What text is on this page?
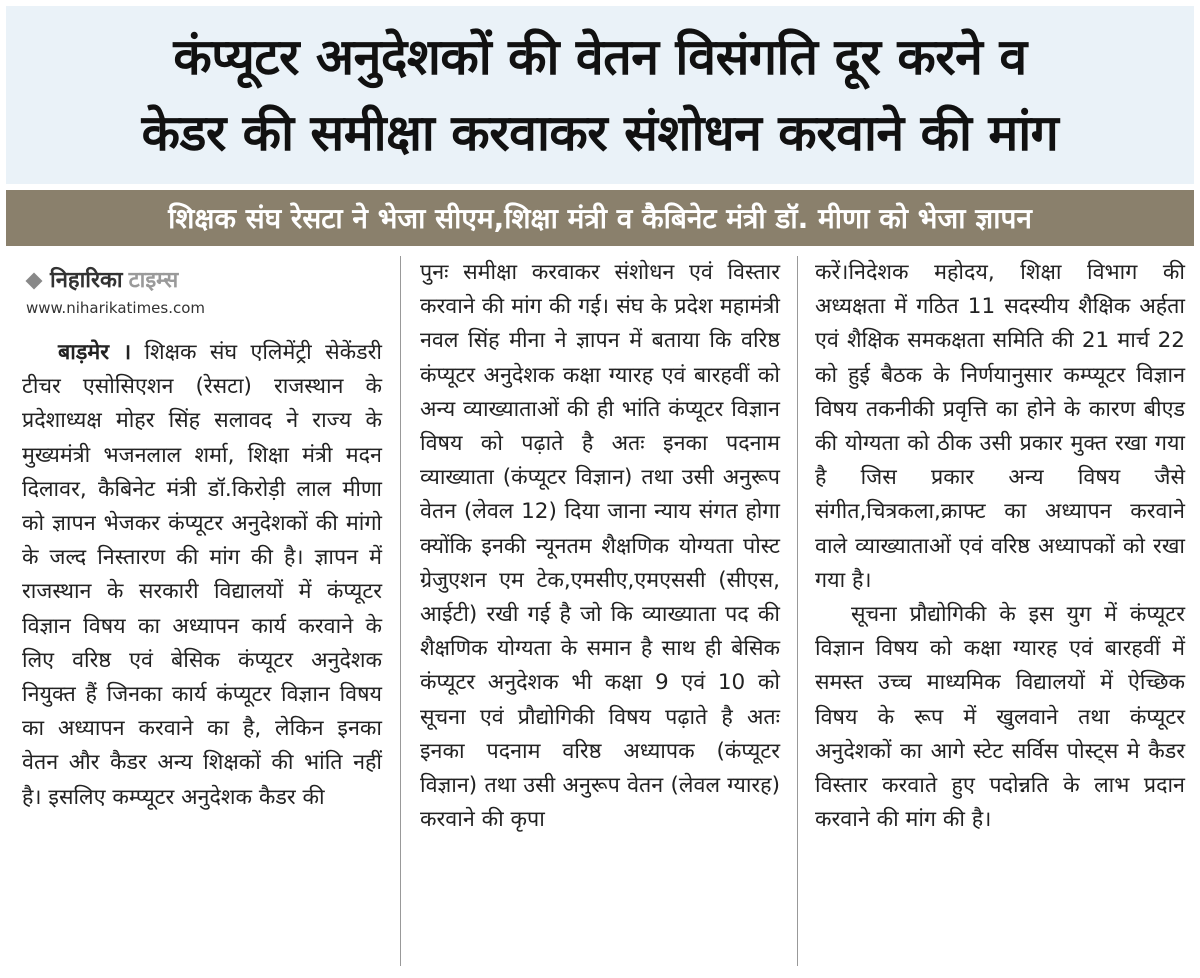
कंप्यूटर अनुदेशकों की वेतन विसंगति दूर करने व
केडर की समीक्षा करवाकर संशोधन करवाने की मांग
शिक्षक संघ रेसटा ने भेजा सीएम,शिक्षा मंत्री व कैबिनेट मंत्री डॉ. मीणा को भेजा ज्ञापन
निहारिका टाइम्स
www.niharikatimes.com

बाड़मेर । शिक्षक संघ एलिमेंट्री सेकेंडरी टीचर एसोसिएशन (रेसटा) राजस्थान के प्रदेशाध्यक्ष मोहर सिंह सलावद ने राज्य के मुख्यमंत्री भजनलाल शर्मा, शिक्षा मंत्री मदन दिलावर, कैबिनेट मंत्री डॉ.किरोड़ी लाल मीणा को ज्ञापन भेजकर कंप्यूटर अनुदेशकों की मांगो के जल्द निस्तारण की मांग की है। ज्ञापन में राजस्थान के सरकारी विद्यालयों में कंप्यूटर विज्ञान विषय का अध्यापन कार्य करवाने के लिए वरिष्ठ एवं बेसिक कंप्यूटर अनुदेशक नियुक्त हैं जिनका कार्य कंप्यूटर विज्ञान विषय का अध्यापन करवाने का है, लेकिन इनका वेतन और कैडर अन्य शिक्षकों की भांति नहीं है। इसलिए कम्प्यूटर अनुदेशक कैडर की

पुनः समीक्षा करवाकर संशोधन एवं विस्तार करवाने की मांग की गई। संघ के प्रदेश महामंत्री नवल सिंह मीना ने ज्ञापन में बताया कि वरिष्ठ कंप्यूटर अनुदेशक कक्षा ग्यारह एवं बारहवीं को अन्य व्याख्याताओं की ही भांति कंप्यूटर विज्ञान विषय को पढ़ाते है अतः इनका पदनाम व्याख्याता (कंप्यूटर विज्ञान) तथा उसी अनुरूप वेतन (लेवल 12) दिया जाना न्याय संगत होगा क्योंकि इनकी न्यूनतम शैक्षणिक योग्यता पोस्ट ग्रेजुएशन एम टेक,एमसीए,एमएससी (सीएस, आईटी) रखी गई है जो कि व्याख्याता पद की शैक्षणिक योग्यता के समान है साथ ही बेसिक कंप्यूटर अनुदेशक भी कक्षा 9 एवं 10 को सूचना एवं प्रौद्योगिकी विषय पढ़ाते है अतः इनका पदनाम वरिष्ठ अध्यापक (कंप्यूटर विज्ञान) तथा उसी अनुरूप वेतन (लेवल ग्यारह) करवाने की कृपा

करें।निदेशक महोदय, शिक्षा विभाग की अध्यक्षता में गठित 11 सदस्यीय शैक्षिक अर्हता एवं शैक्षिक समकक्षता समिति की 21 मार्च 22 को हुई बैठक के निर्णयानुसार कम्प्यूटर विज्ञान विषय तकनीकी प्रवृत्ति का होने के कारण बीएड की योग्यता को ठीक उसी प्रकार मुक्त रखा गया है जिस प्रकार अन्य विषय जैसे संगीत,चित्रकला,क्राफ्ट का अध्यापन करवाने वाले व्याख्याताओं एवं वरिष्ठ अध्यापकों को रखा गया है।

सूचना प्रौद्योगिकी के इस युग में कंप्यूटर विज्ञान विषय को कक्षा ग्यारह एवं बारहवीं में समस्त उच्च माध्यमिक विद्यालयों में ऐच्छिक विषय के रूप में खुलवाने तथा कंप्यूटर अनुदेशकों का आगे स्टेट सर्विस पोस्ट्स मे कैडर विस्तार करवाते हुए पदोन्नति के लाभ प्रदान करवाने की मांग की है।
